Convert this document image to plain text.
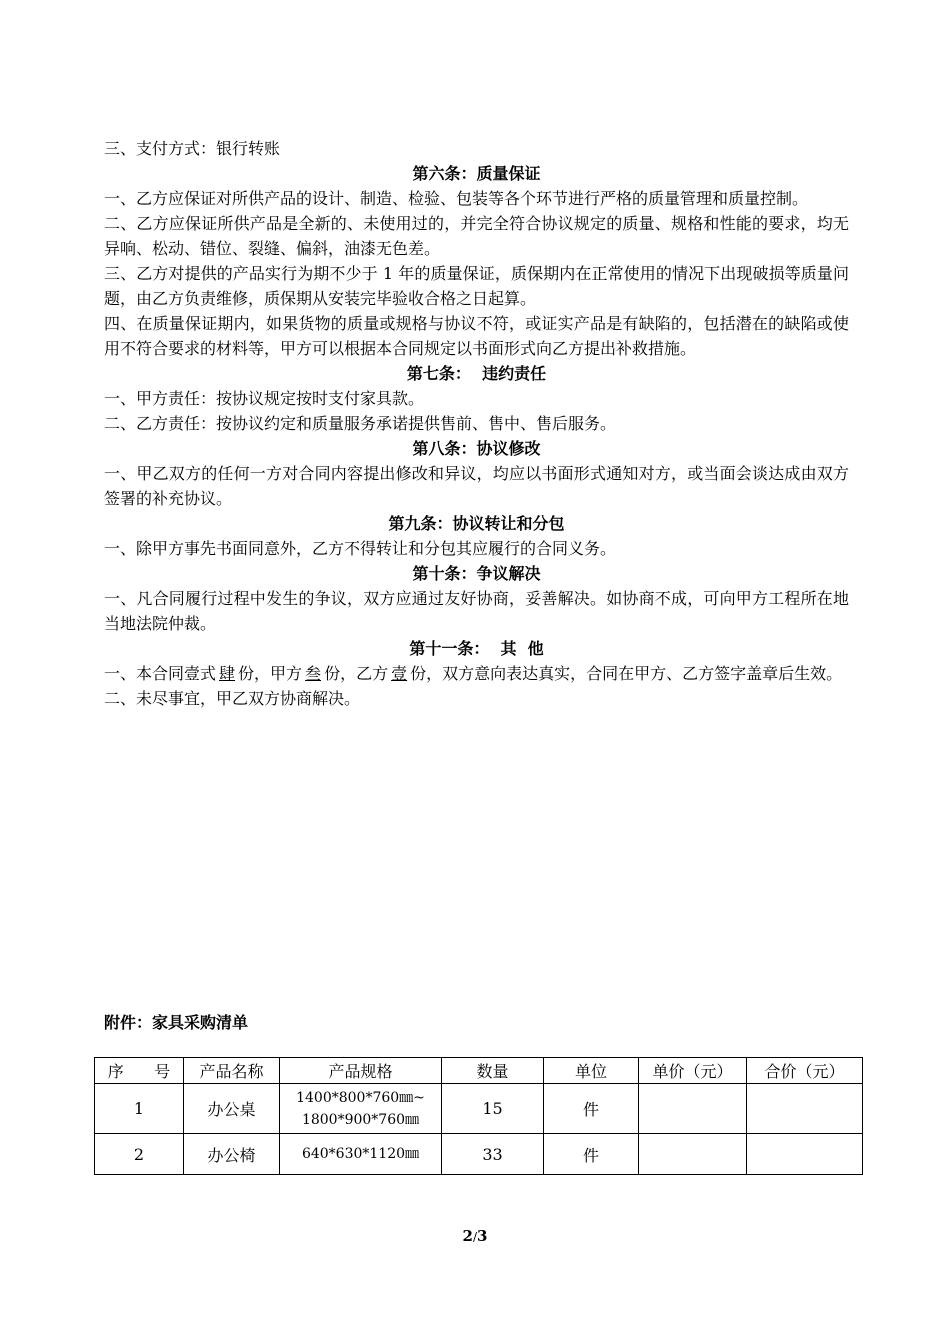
三、支付方式：银行转账

第六条：质量保证

一、乙方应保证对所供产品的设计、制造、检验、包装等各个环节进行严格的质量管理和质量控制。

二、乙方应保证所供产品是全新的、未使用过的，并完全符合协议规定的质量、规格和性能的要求，均无异响、松动、错位、裂缝、偏斜，油漆无色差。

三、乙方对提供的产品实行为期不少于 1 年的质量保证，质保期内在正常使用的情况下出现破损等质量问题，由乙方负责维修，质保期从安装完毕验收合格之日起算。

四、在质量保证期内，如果货物的质量或规格与协议不符，或证实产品是有缺陷的，包括潜在的缺陷或使用不符合要求的材料等，甲方可以根据本合同规定以书面形式向乙方提出补救措施。

第七条：  违约责任

一、甲方责任：按协议规定按时支付家具款。

二、乙方责任：按协议约定和质量服务承诺提供售前、售中、售后服务。

第八条：协议修改

一、甲乙双方的任何一方对合同内容提出修改和异议，均应以书面形式通知对方，或当面会谈达成由双方签署的补充协议。

第九条：协议转让和分包

一、除甲方事先书面同意外，乙方不得转让和分包其应履行的合同义务。

第十条：争议解决

一、凡合同履行过程中发生的争议，双方应通过友好协商，妥善解决。如协商不成，可向甲方工程所在地当地法院仲裁。

第十一条：  其  他

一、本合同壹式 肆 份，甲方 叁 份，乙方 壹 份，双方意向表达真实，合同在甲方、乙方签字盖章后生效。

二、未尽事宜，甲乙双方协商解决。

附件：家具采购清单
序      号	产品名称	产品规格	数量	单位	单价（元）	合价（元）
1	办公桌	1400*800*760㎜~
1800*900*760㎜	15	件		
2	办公椅	640*630*1120㎜	33	件		
2/3
